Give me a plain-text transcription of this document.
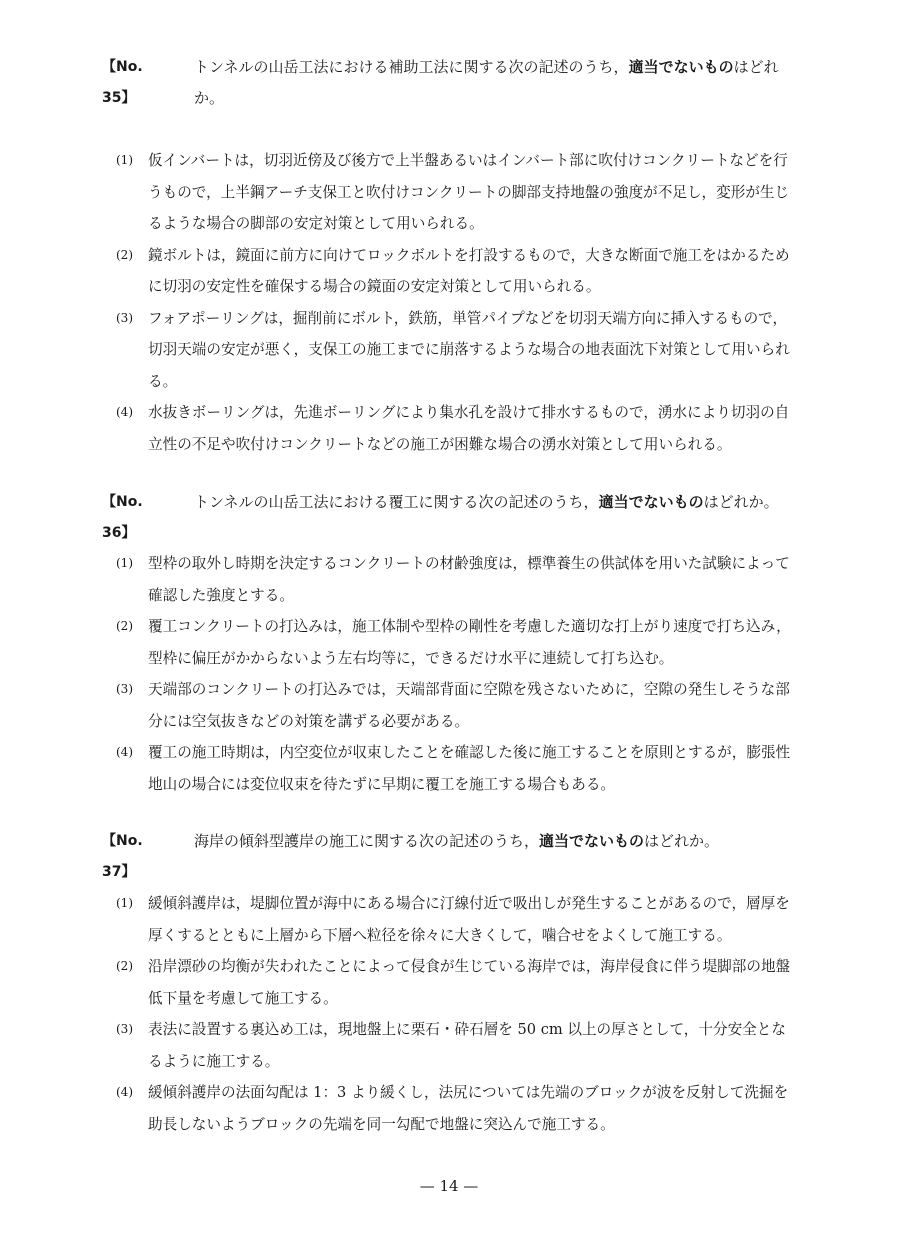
【No.35】
トンネルの山岳工法における補助工法に関する次の記述のうち，適当でないものはどれか。
(1) 仮インバートは，切羽近傍及び後方で上半盤あるいはインバート部に吹付けコンクリートなどを行うもので，上半鋼アーチ支保工と吹付けコンクリートの脚部支持地盤の強度が不足し，変形が生じるような場合の脚部の安定対策として用いられる。
(2) 鏡ボルトは，鏡面に前方に向けてロックボルトを打設するもので，大きな断面で施工をはかるために切羽の安定性を確保する場合の鏡面の安定対策として用いられる。
(3) フォアポーリングは，掘削前にボルト，鉄筋，単管パイプなどを切羽天端方向に挿入するもので，切羽天端の安定が悪く，支保工の施工までに崩落するような場合の地表面沈下対策として用いられる。
(4) 水抜きボーリングは，先進ボーリングにより集水孔を設けて排水するもので，湧水により切羽の自立性の不足や吹付けコンクリートなどの施工が困難な場合の湧水対策として用いられる。
【No.36】
トンネルの山岳工法における覆工に関する次の記述のうち，適当でないものはどれか。
(1) 型枠の取外し時期を決定するコンクリートの材齢強度は，標準養生の供試体を用いた試験によって確認した強度とする。
(2) 覆工コンクリートの打込みは，施工体制や型枠の剛性を考慮した適切な打上がり速度で打ち込み，型枠に偏圧がかからないよう左右均等に，できるだけ水平に連続して打ち込む。
(3) 天端部のコンクリートの打込みでは，天端部背面に空隙を残さないために，空隙の発生しそうな部分には空気抜きなどの対策を講ずる必要がある。
(4) 覆工の施工時期は，内空変位が収束したことを確認した後に施工することを原則とするが，膨張性地山の場合には変位収束を待たずに早期に覆工を施工する場合もある。
【No.37】
海岸の傾斜型護岸の施工に関する次の記述のうち，適当でないものはどれか。
(1) 緩傾斜護岸は，堤脚位置が海中にある場合に汀線付近で吸出しが発生することがあるので，層厚を厚くするとともに上層から下層へ粒径を徐々に大きくして，噛合せをよくして施工する。
(2) 沿岸漂砂の均衡が失われたことによって侵食が生じている海岸では，海岸侵食に伴う堤脚部の地盤低下量を考慮して施工する。
(3) 表法に設置する裏込め工は，現地盤上に栗石・砕石層を 50 cm 以上の厚さとして，十分安全となるように施工する。
(4) 緩傾斜護岸の法面勾配は 1：3 より緩くし，法尻については先端のブロックが波を反射して洗掘を助長しないようブロックの先端を同一勾配で地盤に突込んで施工する。
— 14 —
